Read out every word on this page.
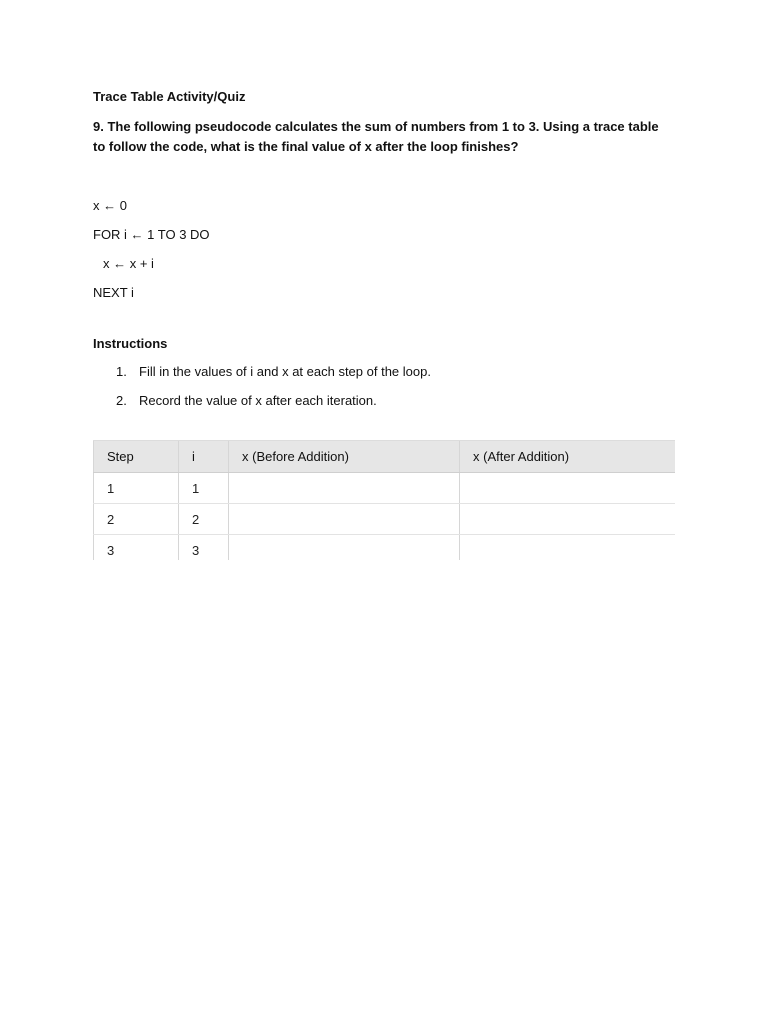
Trace Table Activity/Quiz

9. The following pseudocode calculates the sum of numbers from 1 to 3. Using a trace table to follow the code, what is the final value of x after the loop finishes?

x ← 0
FOR i ← 1 TO 3 DO
x ← x + i
NEXT i

Instructions

1. Fill in the values of i and x at each step of the loop.
2. Record the value of x after each iteration.
Step	i	x (Before Addition)	x (After Addition)
1	1		
2	2		
3	3		
